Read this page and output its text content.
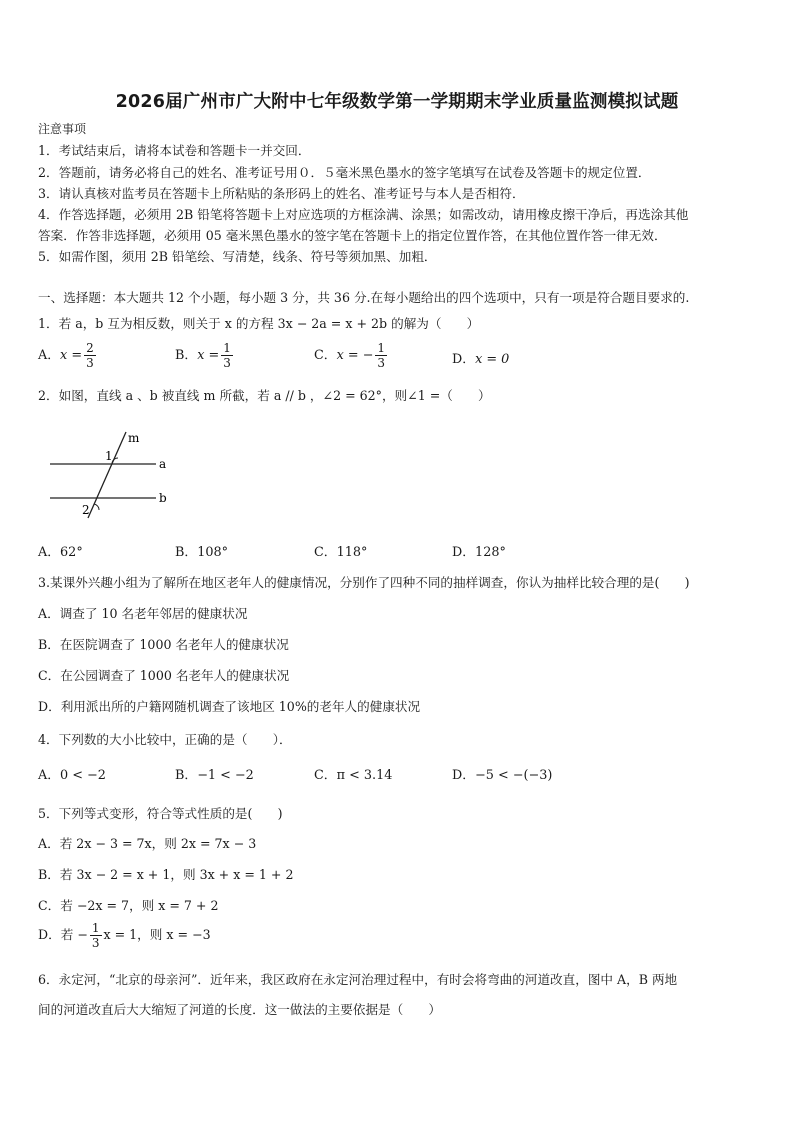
2026届广州市广大附中七年级数学第一学期期末学业质量监测模拟试题
注意事项
1．考试结束后，请将本试卷和答题卡一并交回．
2．答题前，请务必将自己的姓名、准考证号用０．５毫米黑色墨水的签字笔填写在试卷及答题卡的规定位置．
3．请认真核对监考员在答题卡上所粘贴的条形码上的姓名、准考证号与本人是否相符．
4．作答选择题，必须用 2B 铅笔将答题卡上对应选项的方框涂满、涂黑；如需改动，请用橡皮擦干净后，再选涂其他
答案．作答非选择题，必须用 05 毫米黑色墨水的签字笔在答题卡上的指定位置作答，在其他位置作答一律无效．
5．如需作图，须用 2B 铅笔绘、写清楚，线条、符号等须加黑、加粗．
一、选择题：本大题共 12 个小题，每小题 3 分，共 36 分.在每小题给出的四个选项中，只有一项是符合题目要求的.
1．若 a，b 互为相反数，则关于 x 的方程 3x − 2a = x + 2b 的解为（　　）
A．$x = \frac{2}{3}$	B．$x = \frac{1}{3}$	C．x = − $\frac{1}{3}$	D．x = 0
2．如图，直线 a 、b 被直线 m 所截，若 a // b ，∠2 = 62°，则∠1 =（　　）
m
a
b
1
2
A．62°	B．108°	C．118°	D．128°
3.某课外兴趣小组为了解所在地区老年人的健康情况，分别作了四种不同的抽样调查，你认为抽样比较合理的是(　　)
A．调查了 10 名老年邻居的健康状况
B．在医院调查了 1000 名老年人的健康状况
C．在公园调查了 1000 名老年人的健康状况
D．利用派出所的户籍网随机调查了该地区 10%的老年人的健康状况
4．下列数的大小比较中，正确的是（　　）．
A．0 < −2	B．−1 < −2	C．π < 3.14	D．−5 < −(−3)
5．下列等式变形，符合等式性质的是(　　)
A．若 2x − 3 = 7x，则 2x = 7x − 3
B．若 3x − 2 = x + 1，则 3x + x = 1 + 2
C．若 −2x = 7，则 x = 7 + 2
D．若 − $\frac{1}{3}$ x = 1，则 x = −3
6．永定河，“北京的母亲河”．近年来，我区政府在永定河治理过程中，有时会将弯曲的河道改直，图中 A，B 两地
间的河道改直后大大缩短了河道的长度．这一做法的主要依据是（　　）
